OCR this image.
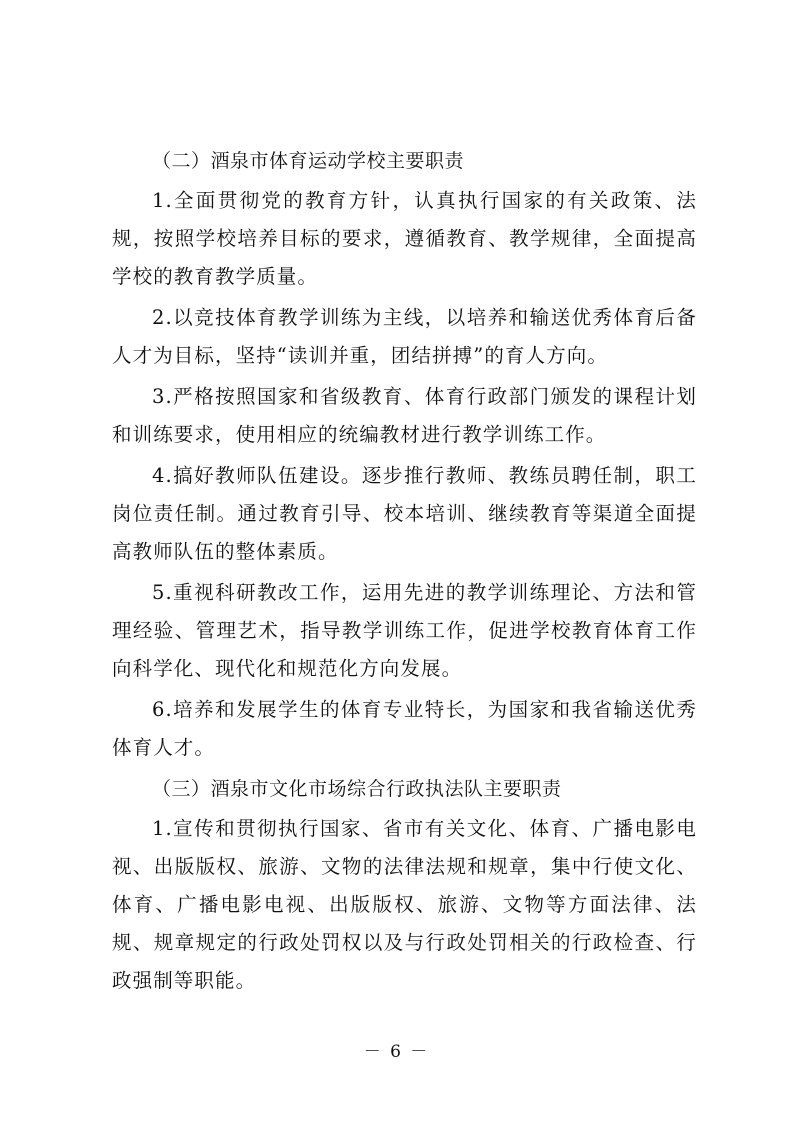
（二）酒泉市体育运动学校主要职责

1.全面贯彻党的教育方针，认真执行国家的有关政策、法规，按照学校培养目标的要求，遵循教育、教学规律，全面提高学校的教育教学质量。

2.以竞技体育教学训练为主线，以培养和输送优秀体育后备人才为目标，坚持“读训并重，团结拼搏”的育人方向。

3.严格按照国家和省级教育、体育行政部门颁发的课程计划和训练要求，使用相应的统编教材进行教学训练工作。

4.搞好教师队伍建设。逐步推行教师、教练员聘任制，职工岗位责任制。通过教育引导、校本培训、继续教育等渠道全面提高教师队伍的整体素质。

5.重视科研教改工作，运用先进的教学训练理论、方法和管理经验、管理艺术，指导教学训练工作，促进学校教育体育工作向科学化、现代化和规范化方向发展。

6.培养和发展学生的体育专业特长，为国家和我省输送优秀体育人才。

（三）酒泉市文化市场综合行政执法队主要职责

1.宣传和贯彻执行国家、省市有关文化、体育、广播电影电视、出版版权、旅游、文物的法律法规和规章，集中行使文化、体育、广播电影电视、出版版权、旅游、文物等方面法律、法规、规章规定的行政处罚权以及与行政处罚相关的行政检查、行政强制等职能。

－ 6 －
